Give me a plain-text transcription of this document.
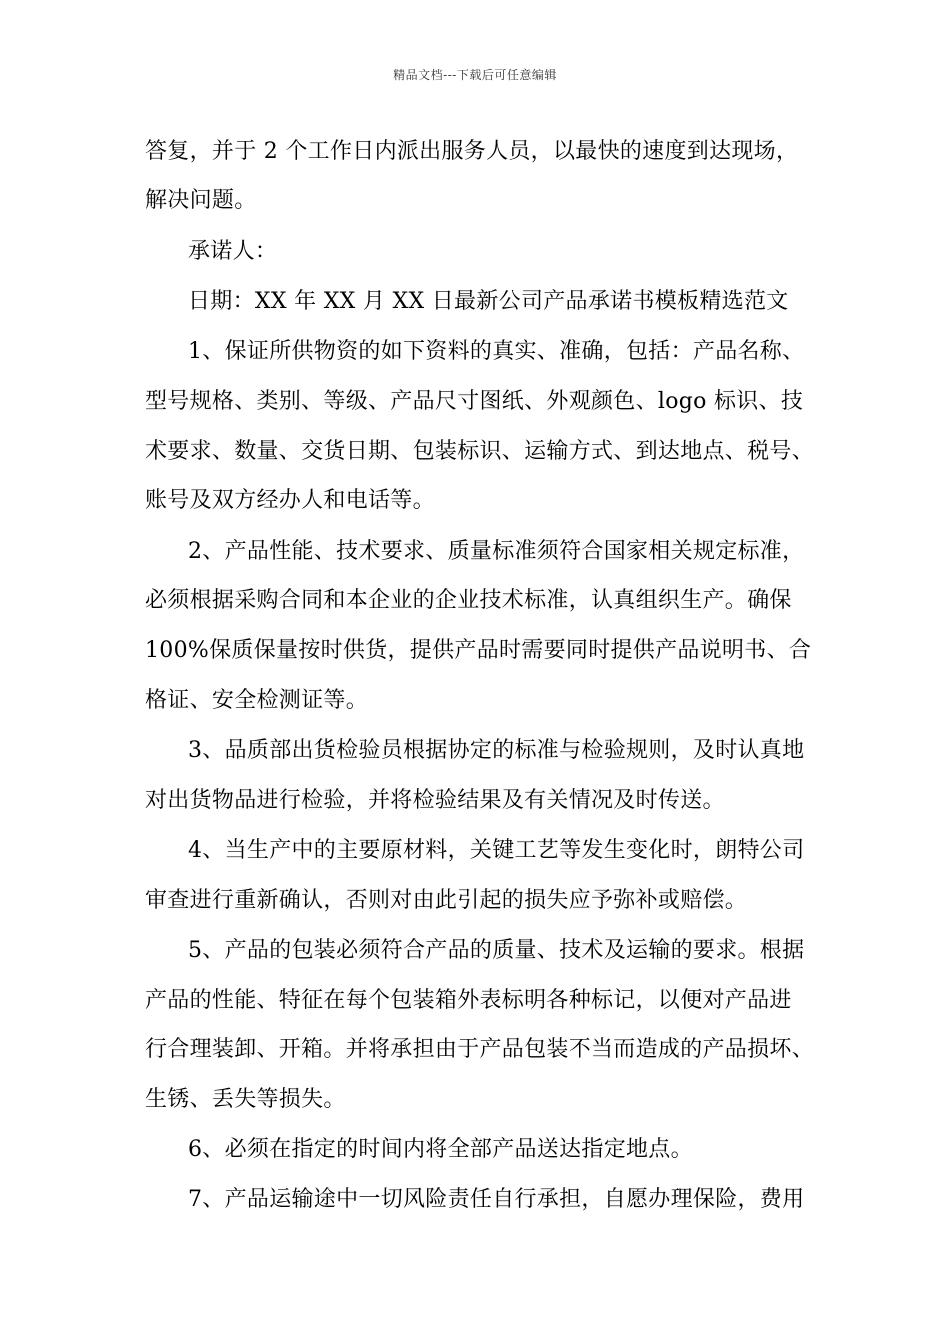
精品文档---下载后可任意编辑
答复，并于 2 个工作日内派出服务人员，以最快的速度到达现场，
解决问题。
承诺人：
日期：XX 年 XX 月 XX 日最新公司产品承诺书模板精选范文
1、保证所供物资的如下资料的真实、准确，包括：产品名称、
型号规格、类别、等级、产品尺寸图纸、外观颜色、logo 标识、技
术要求、数量、交货日期、包装标识、运输方式、到达地点、税号、
账号及双方经办人和电话等。
2、产品性能、技术要求、质量标准须符合国家相关规定标准，
必须根据采购合同和本企业的企业技术标准，认真组织生产。确保
100%保质保量按时供货，提供产品时需要同时提供产品说明书、合
格证、安全检测证等。
3、品质部出货检验员根据协定的标准与检验规则，及时认真地
对出货物品进行检验，并将检验结果及有关情况及时传送。
4、当生产中的主要原材料，关键工艺等发生变化时，朗特公司
审查进行重新确认，否则对由此引起的损失应予弥补或赔偿。
5、产品的包装必须符合产品的质量、技术及运输的要求。根据
产品的性能、特征在每个包装箱外表标明各种标记，以便对产品进
行合理装卸、开箱。并将承担由于产品包装不当而造成的产品损坏、
生锈、丢失等损失。
6、必须在指定的时间内将全部产品送达指定地点。
7、产品运输途中一切风险责任自行承担，自愿办理保险，费用
